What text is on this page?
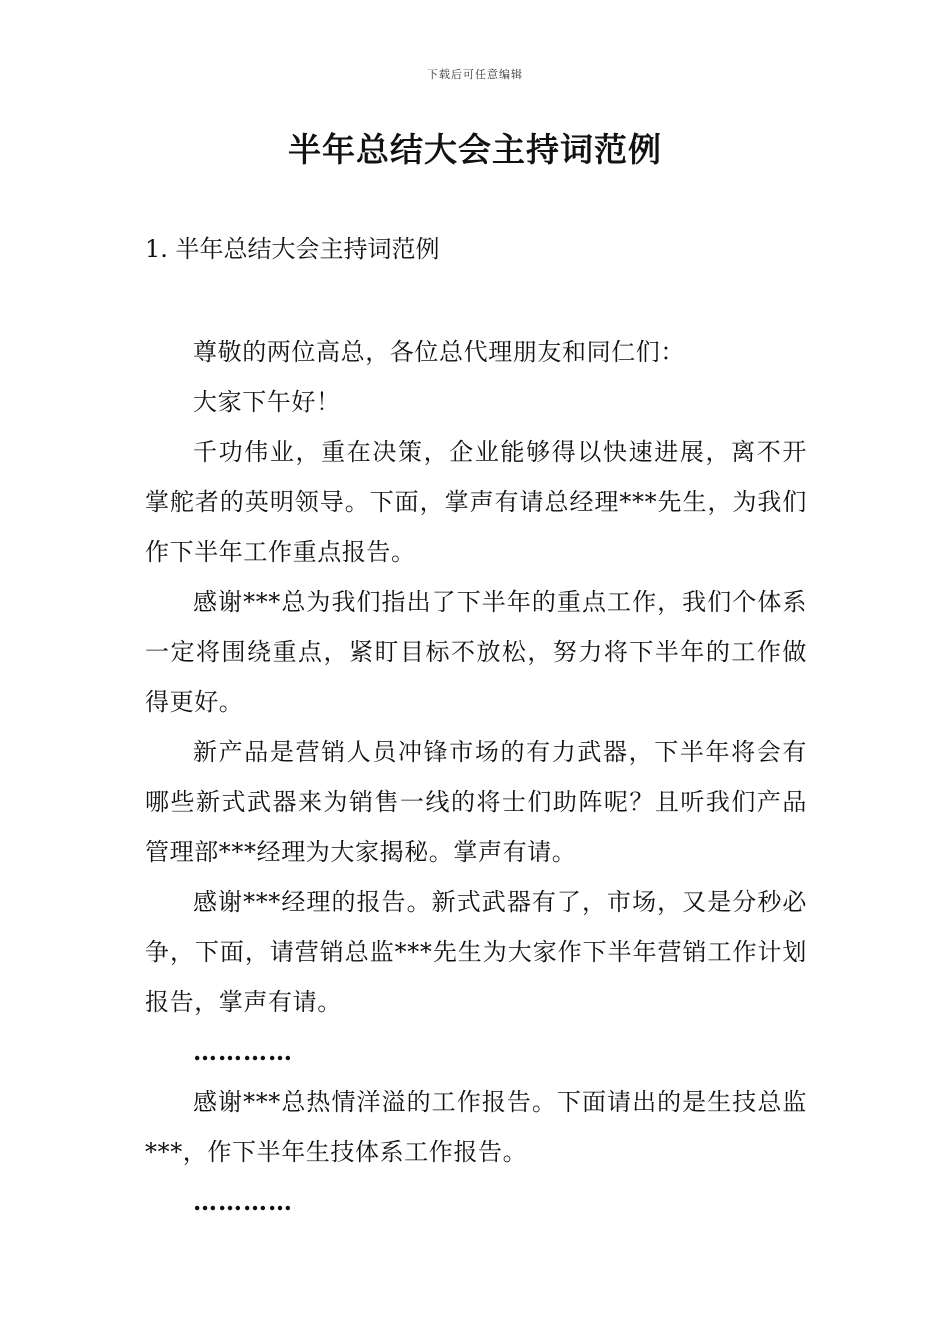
下载后可任意编辑
半年总结大会主持词范例
1. 半年总结大会主持词范例

尊敬的两位高总，各位总代理朋友和同仁们：

大家下午好！

千功伟业，重在决策，企业能够得以快速进展，离不开掌舵者的英明领导。下面，掌声有请总经理***先生，为我们作下半年工作重点报告。

感谢***总为我们指出了下半年的重点工作，我们个体系一定将围绕重点，紧盯目标不放松，努力将下半年的工作做得更好。

新产品是营销人员冲锋市场的有力武器，下半年将会有哪些新式武器来为销售一线的将士们助阵呢？且听我们产品管理部***经理为大家揭秘。掌声有请。

感谢***经理的报告。新式武器有了，市场，又是分秒必争，下面，请营销总监***先生为大家作下半年营销工作计划报告，掌声有请。

…………

感谢***总热情洋溢的工作报告。下面请出的是生技总监***，作下半年生技体系工作报告。

…………
